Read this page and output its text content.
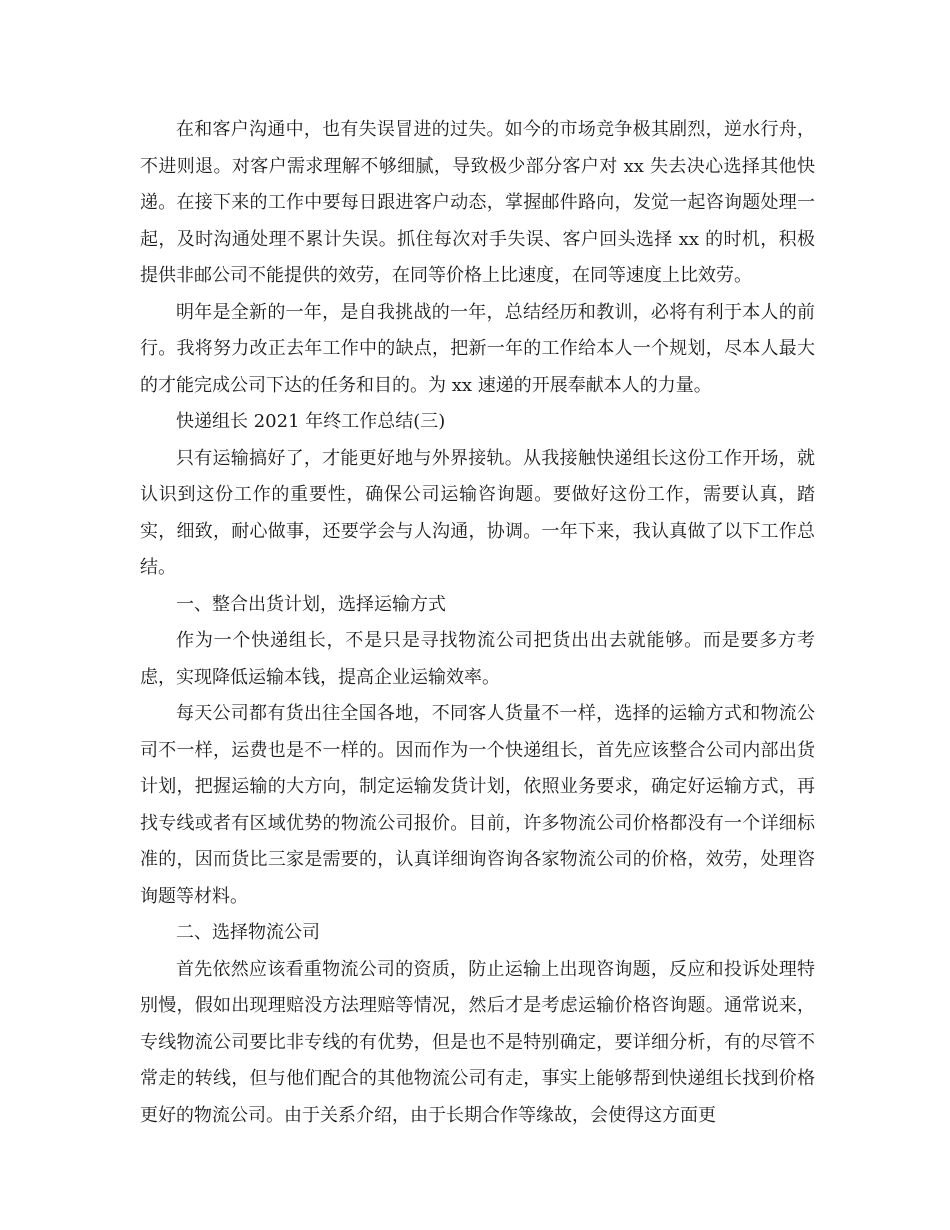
在和客户沟通中，也有失误冒进的过失。如今的市场竞争极其剧烈，逆水行舟，不进则退。对客户需求理解不够细腻，导致极少部分客户对 xx 失去决心选择其他快递。在接下来的工作中要每日跟进客户动态，掌握邮件路向，发觉一起咨询题处理一起，及时沟通处理不累计失误。抓住每次对手失误、客户回头选择 xx 的时机，积极提供非邮公司不能提供的效劳，在同等价格上比速度，在同等速度上比效劳。

明年是全新的一年，是自我挑战的一年，总结经历和教训，必将有利于本人的前行。我将努力改正去年工作中的缺点，把新一年的工作给本人一个规划，尽本人最大的才能完成公司下达的任务和目的。为 xx 速递的开展奉献本人的力量。

快递组长 2021 年终工作总结(三)

只有运输搞好了，才能更好地与外界接轨。从我接触快递组长这份工作开场，就认识到这份工作的重要性，确保公司运输咨询题。要做好这份工作，需要认真，踏实，细致，耐心做事，还要学会与人沟通，协调。一年下来，我认真做了以下工作总结。

一、整合出货计划，选择运输方式

作为一个快递组长，不是只是寻找物流公司把货出出去就能够。而是要多方考虑，实现降低运输本钱，提高企业运输效率。

每天公司都有货出往全国各地，不同客人货量不一样，选择的运输方式和物流公司不一样，运费也是不一样的。因而作为一个快递组长，首先应该整合公司内部出货计划，把握运输的大方向，制定运输发货计划，依照业务要求，确定好运输方式，再找专线或者有区域优势的物流公司报价。目前，许多物流公司价格都没有一个详细标准的，因而货比三家是需要的，认真详细询咨询各家物流公司的价格，效劳，处理咨询题等材料。

二、选择物流公司

首先依然应该看重物流公司的资质，防止运输上出现咨询题，反应和投诉处理特别慢，假如出现理赔没方法理赔等情况，然后才是考虑运输价格咨询题。通常说来，专线物流公司要比非专线的有优势，但是也不是特别确定，要详细分析，有的尽管不常走的转线，但与他们配合的其他物流公司有走，事实上能够帮到快递组长找到价格更好的物流公司。由于关系介绍，由于长期合作等缘故，会使得这方面更
